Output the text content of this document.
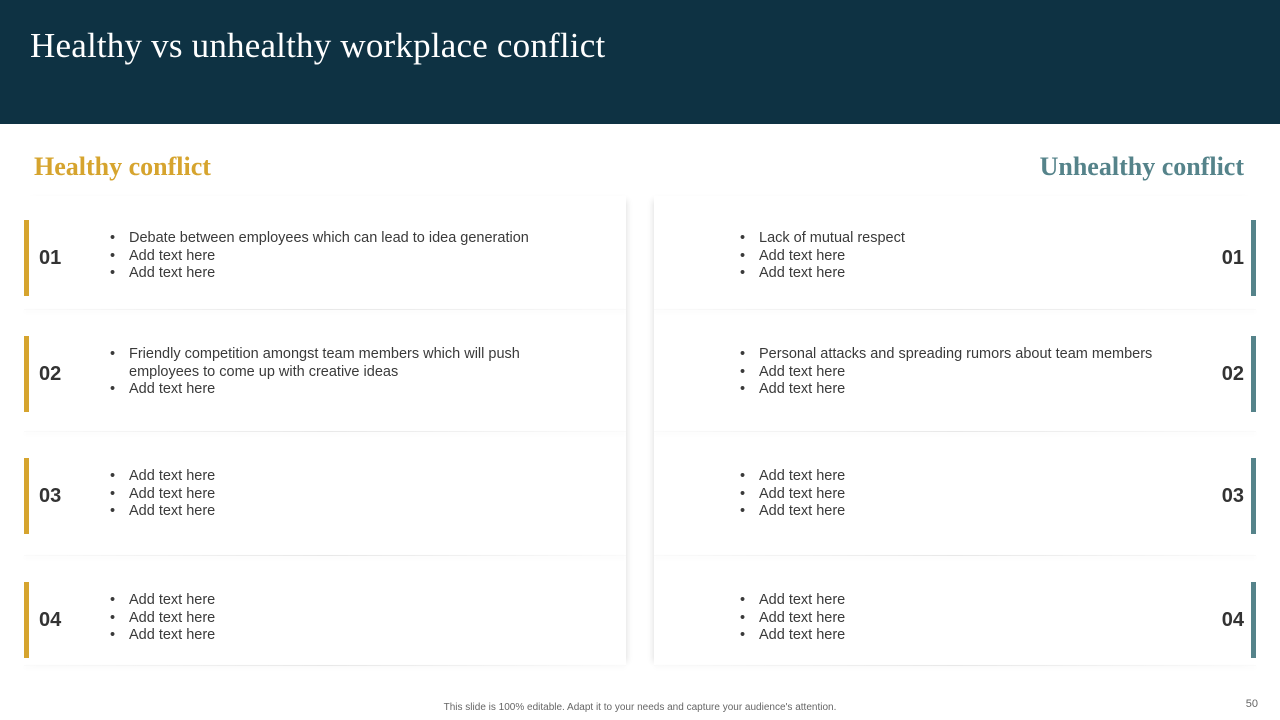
Healthy vs unhealthy workplace conflict
Healthy conflict	Unhealthy conflict
01
• Debate between employees which can lead to idea generation
• Add text here
• Add text here
02
• Friendly competition amongst team members which will push employees to come up with creative ideas
• Add text here
03
• Add text here
• Add text here
• Add text here
04
• Add text here
• Add text here
• Add text here
01
• Lack of mutual respect
• Add text here
• Add text here
02
• Personal attacks and spreading rumors about team members
• Add text here
• Add text here
03
• Add text here
• Add text here
• Add text here
04
• Add text here
• Add text here
• Add text here
This slide is 100% editable. Adapt it to your needs and capture your audience's attention.	50
